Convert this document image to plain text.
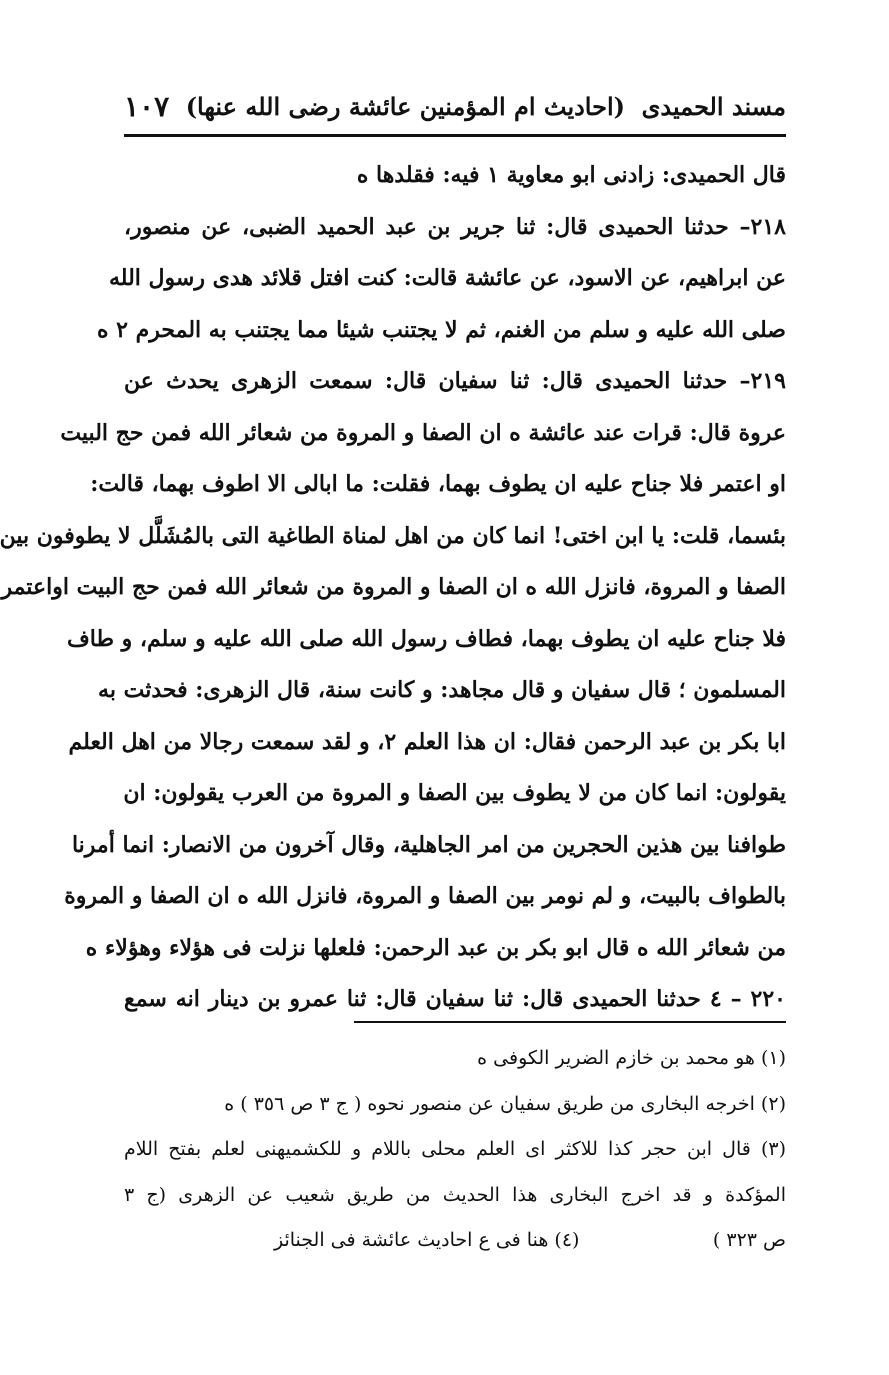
مسند الحميدی
(احادیث ام المؤمنین عائشة رضی الله عنها)
١٠٧
قال الحميدی: زادنی ابو معاوية ١ فيه: فقلدها ه
٢١٨– حدثنا الحميدی قال: ثنا جرير بن عبد الحميد الضبی، عن منصور،
عن ابراهيم، عن الاسود، عن عائشة قالت: كنت افتل قلائد هدی رسول الله
صلی الله عليه و سلم من الغنم، ثم لا يجتنب شيئا مما يجتنب به المحرم ٢ ه
٢١٩– حدثنا الحميدی قال: ثنا سفيان قال: سمعت الزهری يحدث عن
عروة قال: قرات عند عائشة ه ان الصفا و المروة من شعائر الله فمن حج البيت
او اعتمر فلا جناح عليه ان يطوف بهما، فقلت: ما ابالی الا اطوف بهما، قالت:
بئسما، قلت: يا ابن اختی! انما كان من اهل لمناة الطاغية التی بالمُشَلَّل لا يطوفون بين
الصفا و المروة، فانزل الله ه ان الصفا و المروة من شعائر الله فمن حج البيت اواعتمر
فلا جناح عليه ان يطوف بهما، فطاف رسول الله صلی الله عليه و سلم، و طاف
المسلمون ؛ قال سفيان و قال مجاهد: و كانت سنة، قال الزهری: فحدثت به
ابا بكر بن عبد الرحمن فقال: ان هذا العلم ٢، و لقد سمعت رجالا من اهل العلم
يقولون: انما كان من لا يطوف بين الصفا و المروة من العرب يقولون: ان
طوافنا بين هذين الحجرين من امر الجاهلية، وقال آخرون من الانصار: انما أمرنا
بالطواف بالبيت، و لم نومر بين الصفا و المروة، فانزل الله ه ان الصفا و المروة
من شعائر الله ه قال ابو بكر بن عبد الرحمن: فلعلها نزلت فی هؤلاء وهؤلاء ه
٢٢٠ – ٤ حدثنا الحميدی قال: ثنا سفيان قال: ثنا عمرو بن دينار انه سمع
(١) هو محمد بن خازم الضرير الكوفی ه
(٢) اخرجه البخاری من طريق سفيان عن منصور نحوه ( ج ٣ ص ٣٥٦ ) ه
(٣) قال ابن حجر كذا للاكثر ای العلم محلی باللام و للكشميهنی لعلم بفتح اللام
المؤكدة و قد اخرج البخاری هذا الحديث من طريق شعيب عن الزهری (ج ٣
ص ٣٢٣ )
(٤) هنا فی ع احاديث عائشة فی الجنائز
